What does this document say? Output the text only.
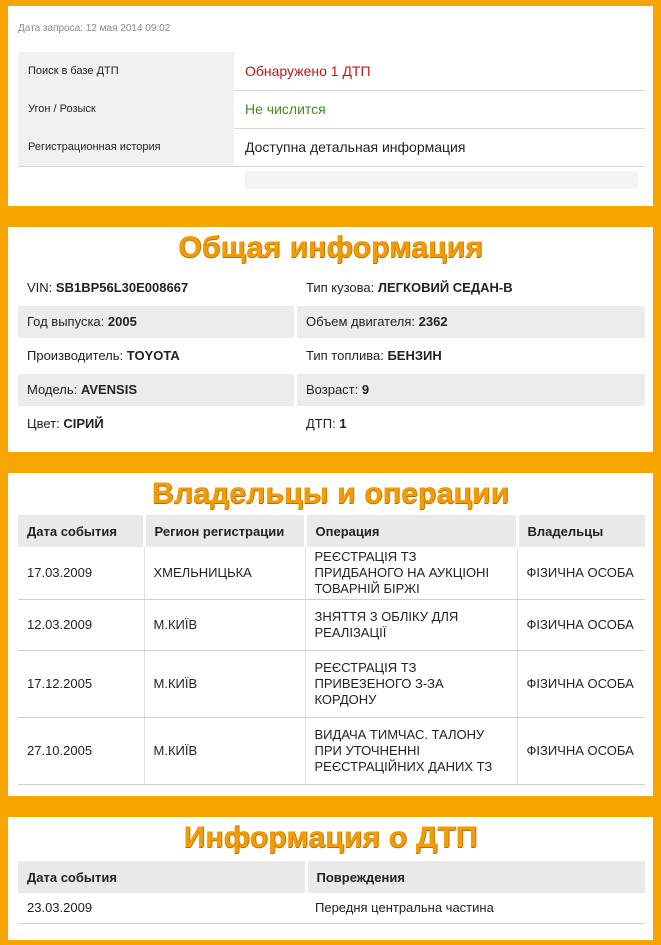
Дата запроса: 12 мая 2014 09:02
Поиск в базе ДТП	Обнаружено 1 ДТП
Угон / Розыск	Не числится
Регистрационная история	Доступна детальная информация
Общая информация
VIN: SB1BP56L30E008667	Тип кузова: ЛЕГКОВИЙ СЕДАН-В
Год выпуска: 2005	Объем двигателя: 2362
Производитель: TOYOTA	Тип топлива: БЕНЗИН
Модель: AVENSIS	Возраст: 9
Цвет: СІРИЙ	ДТП: 1
Владельцы и операции
Дата события	Регион регистрации	Операция	Владельцы
17.03.2009	ХМЕЛЬНИЦЬКА	РЕЄСТРАЦІЯ ТЗ ПРИДБАНОГО НА АУКЦІОНІ ТОВАРНІЙ БІРЖІ	ФІЗИЧНА ОСОБА
12.03.2009	М.КИЇВ	ЗНЯТТЯ З ОБЛІКУ ДЛЯ РЕАЛІЗАЦІЇ	ФІЗИЧНА ОСОБА
17.12.2005	М.КИЇВ	РЕЄСТРАЦІЯ ТЗ ПРИВЕЗЕНОГО З-ЗА КОРДОНУ	ФІЗИЧНА ОСОБА
27.10.2005	М.КИЇВ	ВИДАЧА ТИМЧАС. ТАЛОНУ ПРИ УТОЧНЕННІ РЕЄСТРАЦІЙНИХ ДАНИХ ТЗ	ФІЗИЧНА ОСОБА
Информация о ДТП
Дата события	Повреждения
23.03.2009	Передня центральна частина
